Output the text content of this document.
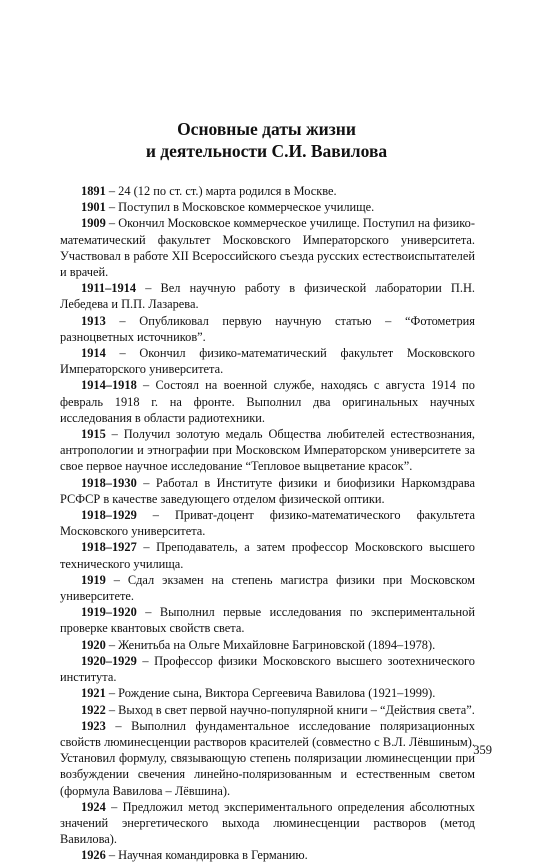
Основные даты жизни
и деятельности С.И. Вавилова

1891 – 24 (12 по ст. ст.) марта родился в Москве.

1901 – Поступил в Московское коммерческое училище.

1909 – Окончил Московское коммерческое училище. Поступил на физико-математический факультет Московского Императорского университета. Участвовал в работе XII Всероссийского съезда русских естествоиспытателей и врачей.

1911–1914 – Вел научную работу в физической лаборатории П.Н. Лебедева и П.П. Лазарева.

1913 – Опубликовал первую научную статью – “Фотометрия разноцветных источников”.

1914 – Окончил физико-математический факультет Московского Императорского университета.

1914–1918 – Состоял на военной службе, находясь с августа 1914 по февраль 1918 г. на фронте. Выполнил два оригинальных научных исследования в области радиотехники.

1915 – Получил золотую медаль Общества любителей естествознания, антропологии и этнографии при Московском Императорском университете за свое первое научное исследование “Тепловое выцветание красок”.

1918–1930 – Работал в Институте физики и биофизики Наркомздрава РСФСР в качестве заведующего отделом физической оптики.

1918–1929 – Приват-доцент физико-математического факультета Московского университета.

1918–1927 – Преподаватель, а затем профессор Московского высшего технического училища.

1919 – Сдал экзамен на степень магистра физики при Московском университете.

1919–1920 – Выполнил первые исследования по экспериментальной проверке квантовых свойств света.

1920 – Женитьба на Ольге Михайловне Багриновской (1894–1978).

1920–1929 – Профессор физики Московского высшего зоотехнического института.

1921 – Рождение сына, Виктора Сергеевича Вавилова (1921–1999).

1922 – Выход в свет первой научно-популярной книги – “Действия света”.

1923 – Выполнил фундаментальное исследование поляризационных свойств люминесценции растворов красителей (совместно с В.Л. Лёвшиным). Установил формулу, связывающую степень поляризации люминесценции при возбуждении свечения линейно-поляризованным и естественным светом (формула Вавилова – Лёвшина).

1924 – Предложил метод экспериментального определения абсолютных значений энергетического выхода люминесценции растворов (метод Вавилова).

1926 – Научная командировка в Германию.

359
